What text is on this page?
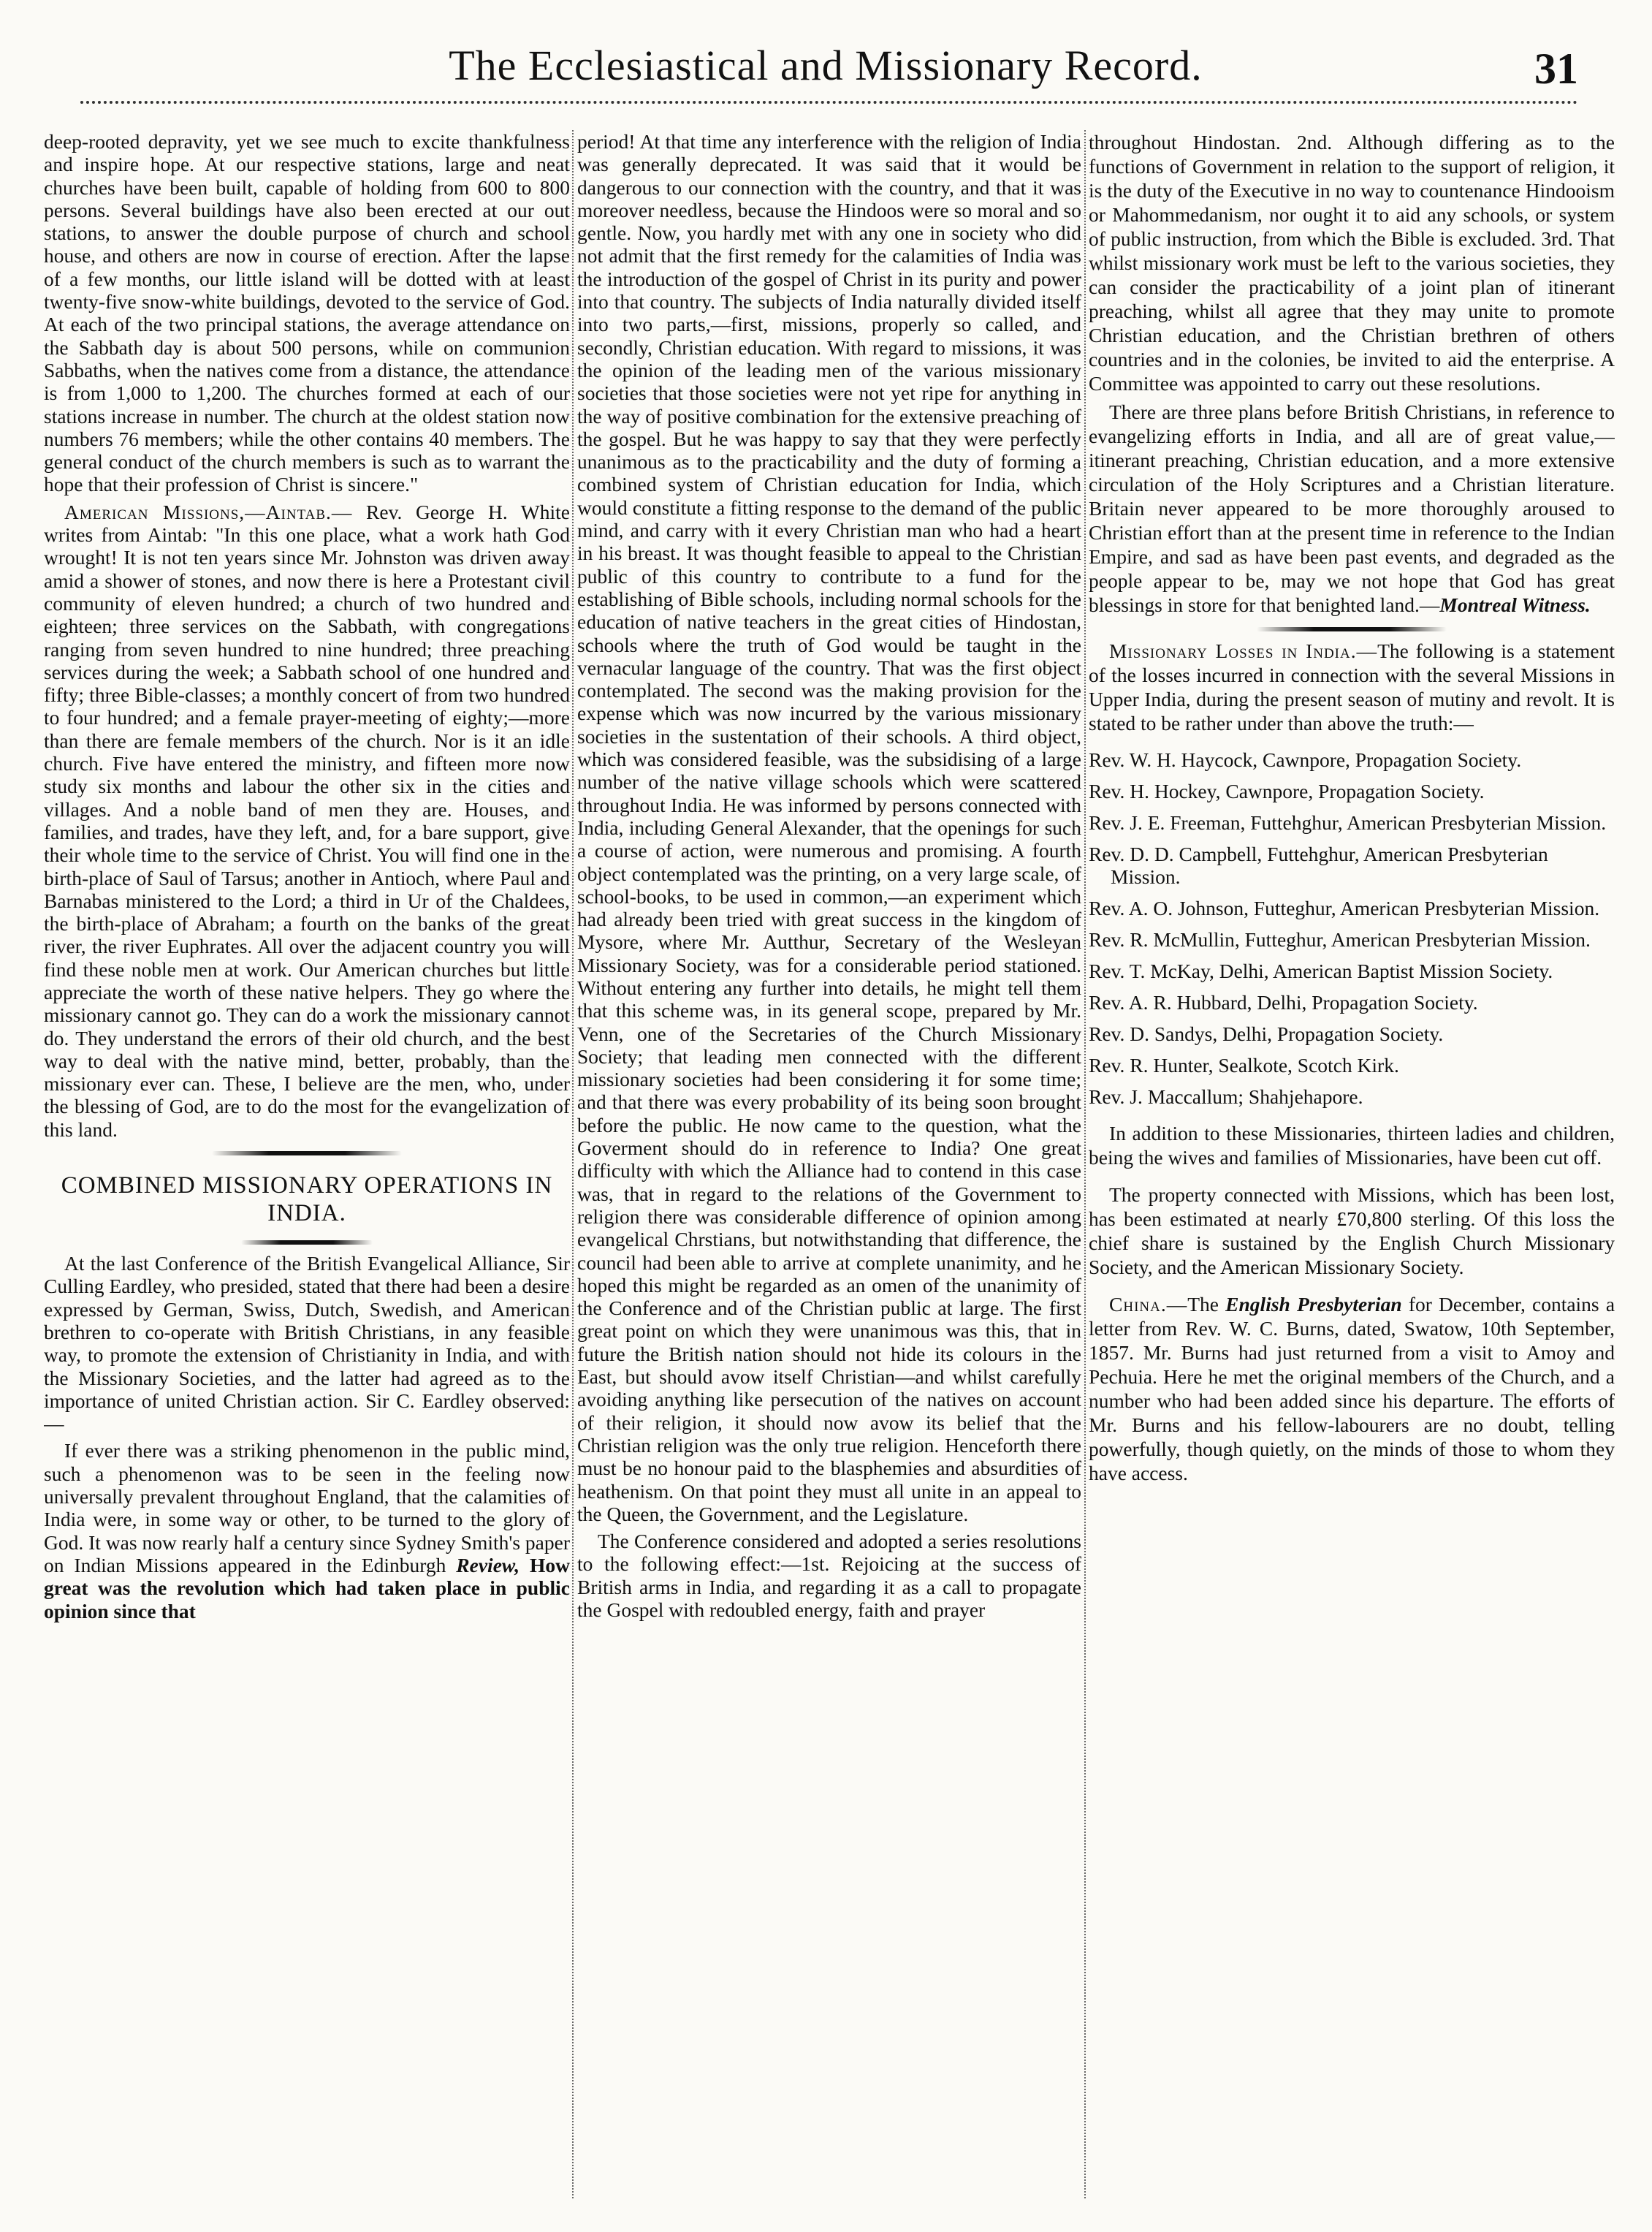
The Ecclesiastical and Missionary Record.	31

deep-rooted depravity, yet we see much to excite thankfulness and inspire hope. At our respective stations, large and neat churches have been built, capable of holding from 600 to 800 persons. Several buildings have also been erected at our out stations, to answer the double purpose of church and school house, and others are now in course of erection. After the lapse of a few months, our little island will be dotted with at least twenty-five snow-white buildings, devoted to the service of God. At each of the two principal stations, the average attendance on the Sabbath day is about 500 persons, while on communion Sabbaths, when the natives come from a distance, the attendance is from 1,000 to 1,200. The churches formed at each of our stations increase in number. The church at the oldest station now numbers 76 members; while the other contains 40 members. The general conduct of the church members is such as to warrant the hope that their profession of Christ is sincere."

American Missions,—Aintab.— Rev. George H. White writes from Aintab: "In this one place, what a work hath God wrought! It is not ten years since Mr. Johnston was driven away amid a shower of stones, and now there is here a Protestant civil community of eleven hundred; a church of two hundred and eighteen; three services on the Sabbath, with congregations ranging from seven hundred to nine hundred; three preaching services during the week; a Sabbath school of one hundred and fifty; three Bible-classes; a monthly concert of from two hundred to four hundred; and a female prayer-meeting of eighty;—more than there are female members of the church. Nor is it an idle church. Five have entered the ministry, and fifteen more now study six months and labour the other six in the cities and villages. And a noble band of men they are. Houses, and families, and trades, have they left, and, for a bare support, give their whole time to the service of Christ. You will find one in the birth-place of Saul of Tarsus; another in Antioch, where Paul and Barnabas ministered to the Lord; a third in Ur of the Chaldees, the birth-place of Abraham; a fourth on the banks of the great river, the river Euphrates. All over the adjacent country you will find these noble men at work. Our American churches but little appreciate the worth of these native helpers. They go where the missionary cannot go. They can do a work the missionary cannot do. They understand the errors of their old church, and the best way to deal with the native mind, better, probably, than the missionary ever can. These, I believe are the men, who, under the blessing of God, are to do the most for the evangelization of this land.

COMBINED MISSIONARY OPERATIONS IN INDIA.

At the last Conference of the British Evangelical Alliance, Sir Culling Eardley, who presided, stated that there had been a desire expressed by German, Swiss, Dutch, Swedish, and American brethren to co-operate with British Christians, in any feasible way, to promote the extension of Christianity in India, and with the Missionary Societies, and the latter had agreed as to the importance of united Christian action. Sir C. Eardley observed:—

If ever there was a striking phenomenon in the public mind, such a phenomenon was to be seen in the feeling now universally prevalent throughout England, that the calamities of India were, in some way or other, to be turned to the glory of God. It was now rearly half a century since Sydney Smith's paper on Indian Missions appeared in the Edinburgh Review, How great was the revolution which had taken place in public opinion since that

period! At that time any interference with the religion of India was generally deprecated. It was said that it would be dangerous to our connection with the country, and that it was moreover needless, because the Hindoos were so moral and so gentle. Now, you hardly met with any one in society who did not admit that the first remedy for the calamities of India was the introduction of the gospel of Christ in its purity and power into that country. The subjects of India naturally divided itself into two parts,—first, missions, properly so called, and secondly, Christian education. With regard to missions, it was the opinion of the leading men of the various missionary societies that those societies were not yet ripe for anything in the way of positive combination for the extensive preaching of the gospel. But he was happy to say that they were perfectly unanimous as to the practicability and the duty of forming a combined system of Christian education for India, which would constitute a fitting response to the demand of the public mind, and carry with it every Christian man who had a heart in his breast. It was thought feasible to appeal to the Christian public of this country to contribute to a fund for the establishing of Bible schools, including normal schools for the education of native teachers in the great cities of Hindostan, schools where the truth of God would be taught in the vernacular language of the country. That was the first object contemplated. The second was the making provision for the expense which was now incurred by the various missionary societies in the sustentation of their schools. A third object, which was considered feasible, was the subsidising of a large number of the native village schools which were scattered throughout India. He was informed by persons connected with India, including General Alexander, that the openings for such a course of action, were numerous and promising. A fourth object contemplated was the printing, on a very large scale, of school-books, to be used in common,—an experiment which had already been tried with great success in the kingdom of Mysore, where Mr. Autthur, Secretary of the Wesleyan Missionary Society, was for a considerable period stationed. Without entering any further into details, he might tell them that this scheme was, in its general scope, prepared by Mr. Venn, one of the Secretaries of the Church Missionary Society; that leading men connected with the different missionary societies had been considering it for some time; and that there was every probability of its being soon brought before the public. He now came to the question, what the Goverment should do in reference to India? One great difficulty with which the Alliance had to contend in this case was, that in regard to the relations of the Government to religion there was considerable difference of opinion among evangelical Chrstians, but notwithstanding that difference, the council had been able to arrive at complete unanimity, and he hoped this might be regarded as an omen of the unanimity of the Conference and of the Christian public at large. The first great point on which they were unanimous was this, that in future the British nation should not hide its colours in the East, but should avow itself Christian—and whilst carefully avoiding anything like persecution of the natives on account of their religion, it should now avow its belief that the Christian religion was the only true religion. Henceforth there must be no honour paid to the blasphemies and absurdities of heathenism. On that point they must all unite in an appeal to the Queen, the Government, and the Legislature.

The Conference considered and adopted a series resolutions to the following effect:—1st. Rejoicing at the success of British arms in India, and regarding it as a call to propagate the Gospel with redoubled energy, faith and prayer

throughout Hindostan. 2nd. Although differing as to the functions of Government in relation to the support of religion, it is the duty of the Executive in no way to countenance Hindooism or Mahommedanism, nor ought it to aid any schools, or system of public instruction, from which the Bible is excluded. 3rd. That whilst missionary work must be left to the various societies, they can consider the practicability of a joint plan of itinerant preaching, whilst all agree that they may unite to promote Christian education, and the Christian brethren of others countries and in the colonies, be invited to aid the enterprise. A Committee was appointed to carry out these resolutions.

There are three plans before British Christians, in reference to evangelizing efforts in India, and all are of great value,— itinerant preaching, Christian education, and a more extensive circulation of the Holy Scriptures and a Christian literature. Britain never appeared to be more thoroughly aroused to Christian effort than at the present time in reference to the Indian Empire, and sad as have been past events, and degraded as the people appear to be, may we not hope that God has great blessings in store for that benighted land.—Montreal Witness.

Missionary Losses in India.—The following is a statement of the losses incurred in connection with the several Missions in Upper India, during the present season of mutiny and revolt. It is stated to be rather under than above the truth:—

Rev. W. H. Haycock, Cawnpore, Propagation Society.
Rev. H. Hockey, Cawnpore, Propagation Society.
Rev. J. E. Freeman, Futtehghur, American Presbyterian Mission.
Rev. D. D. Campbell, Futtehghur, American Presbyterian Mission.
Rev. A. O. Johnson, Futteghur, American Presbyterian Mission.
Rev. R. McMullin, Futteghur, American Presbyterian Mission.
Rev. T. McKay, Delhi, American Baptist Mission Society.
Rev. A. R. Hubbard, Delhi, Propagation Society.
Rev. D. Sandys, Delhi, Propagation Society.
Rev. R. Hunter, Sealkote, Scotch Kirk.
Rev. J. Maccallum; Shahjehapore.

In addition to these Missionaries, thirteen ladies and children, being the wives and families of Missionaries, have been cut off.

The property connected with Missions, which has been lost, has been estimated at nearly £70,800 sterling. Of this loss the chief share is sustained by the English Church Missionary Society, and the American Missionary Society.

China.—The English Presbyterian for December, contains a letter from Rev. W. C. Burns, dated, Swatow, 10th September, 1857. Mr. Burns had just returned from a visit to Amoy and Pechuia. Here he met the original members of the Church, and a number who had been added since his departure. The efforts of Mr. Burns and his fellow-labourers are no doubt, telling powerfully, though quietly, on the minds of those to whom they have access.
